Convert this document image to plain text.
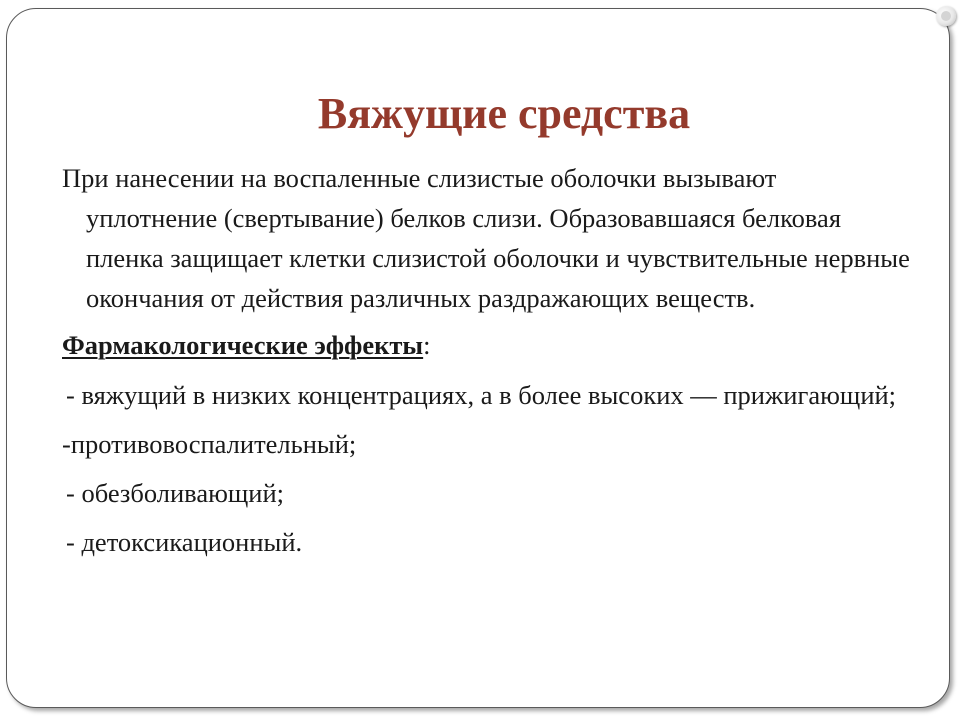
Вяжущие средства

При нанесении на воспаленные слизистые оболочки вызывают уплотнение (свертывание) белков слизи. Образовавшаяся белковая пленка защищает клетки слизистой оболочки и чувствительные нервные окончания от действия различных раздражающих веществ.

Фармакологические эффекты:

- вяжущий в низких концентрациях, а в более высоких — прижигающий;

-противовоспалительный;

- обезболивающий;

- детоксикационный.
